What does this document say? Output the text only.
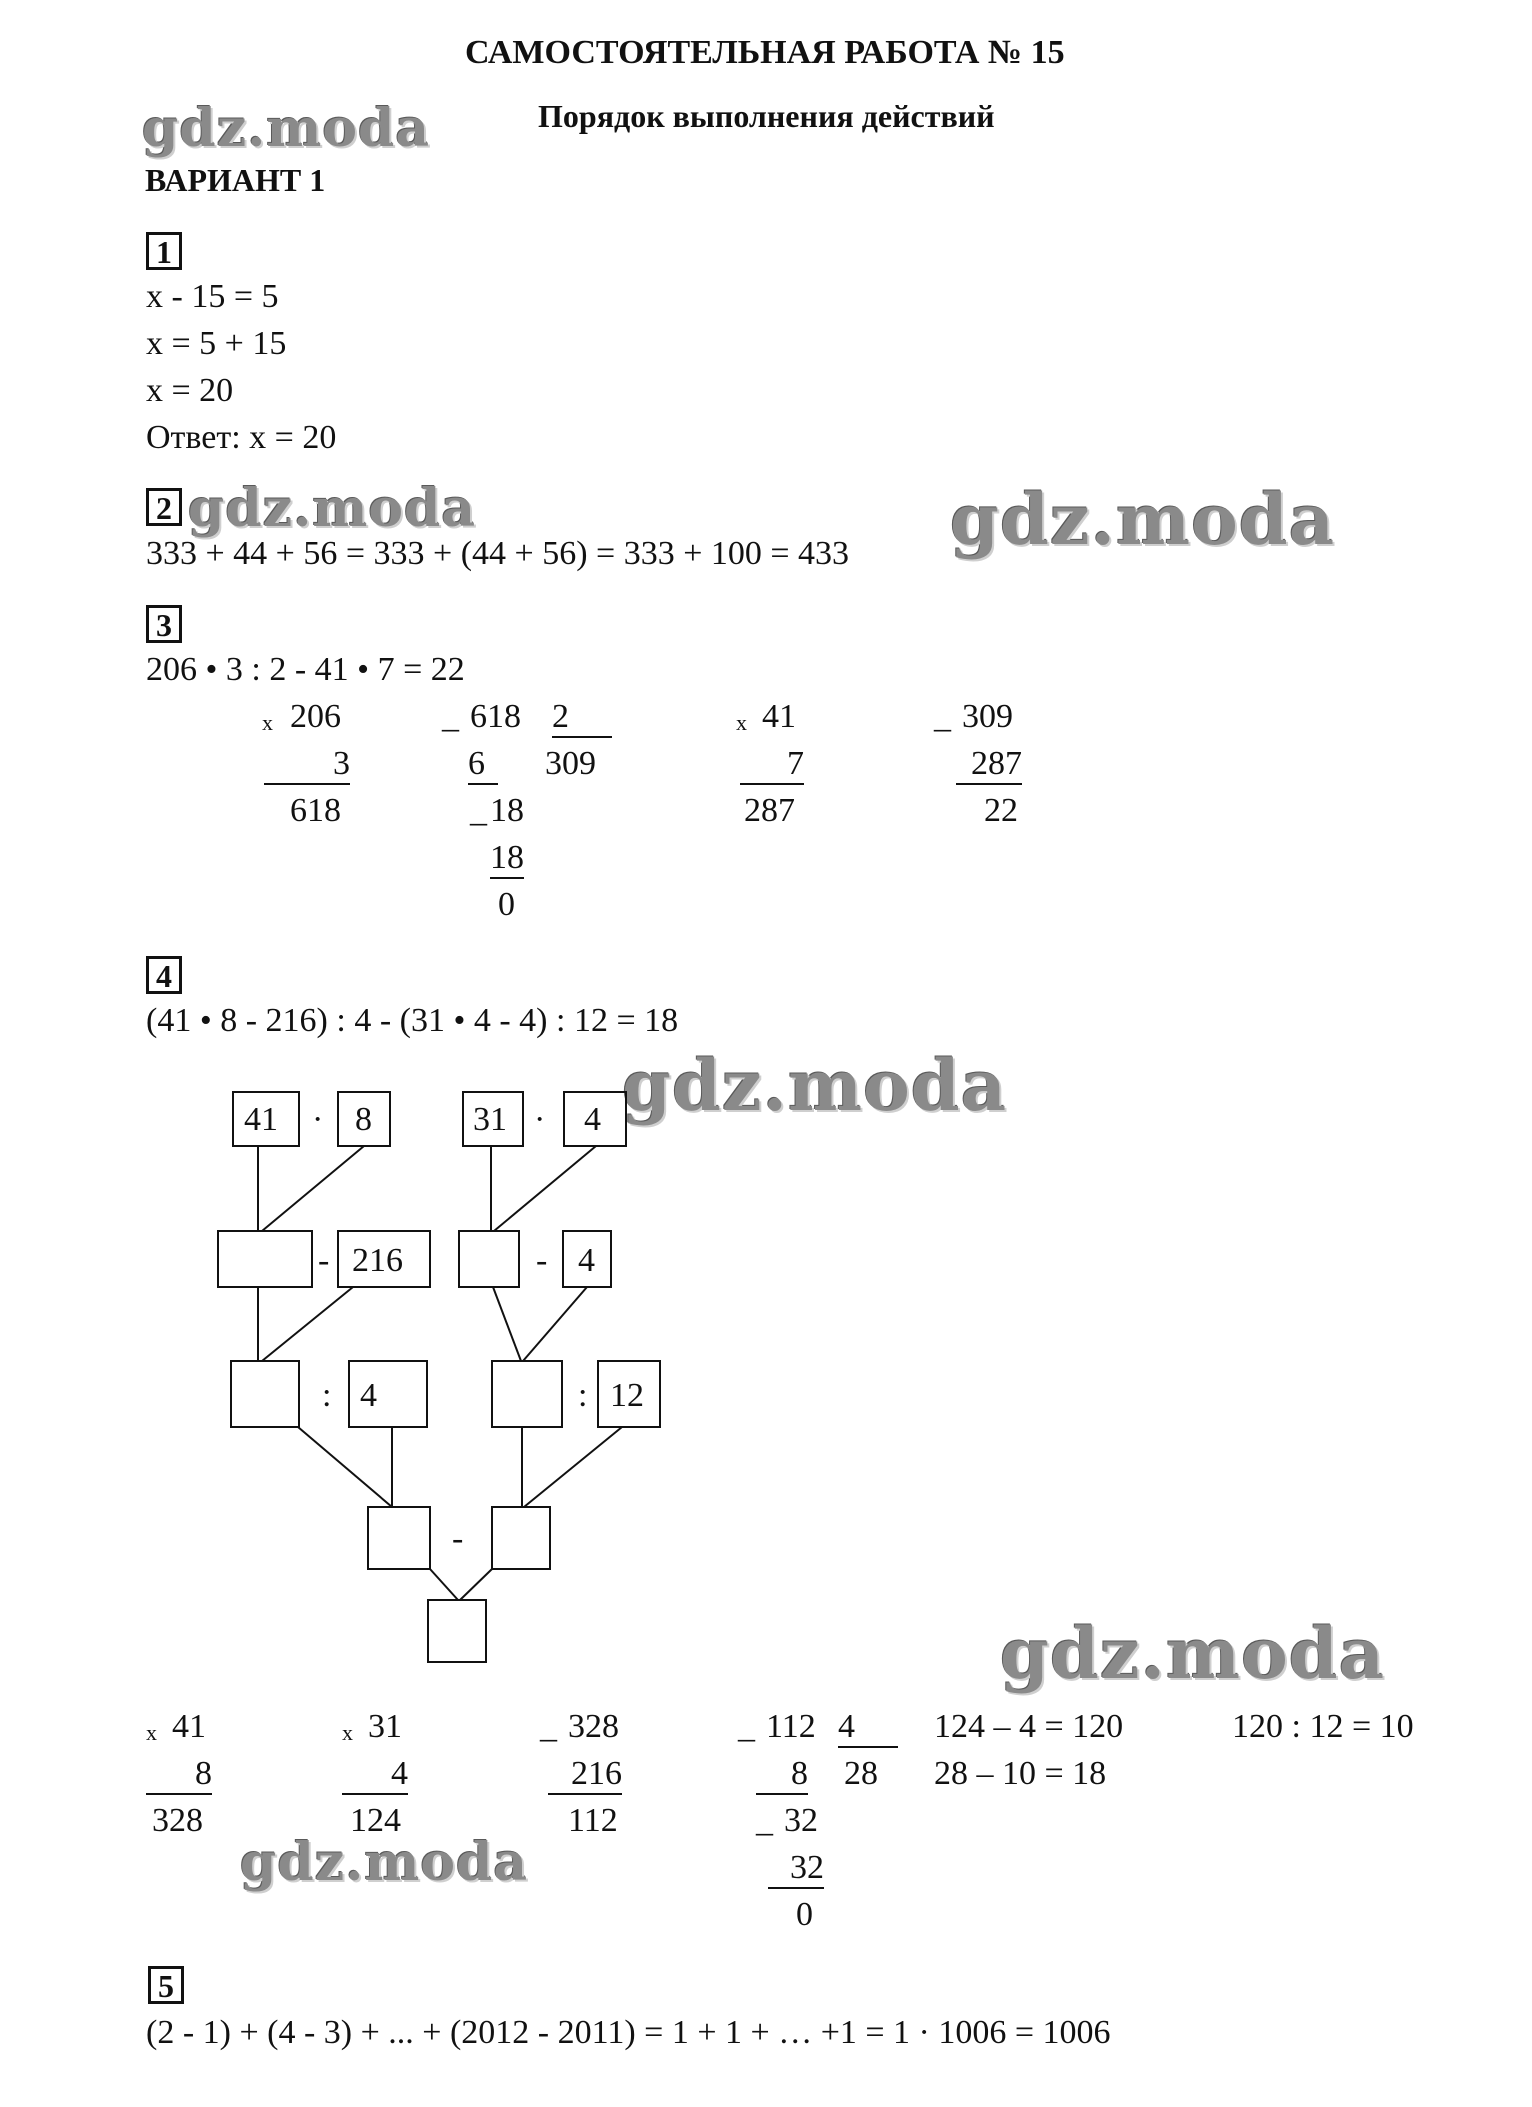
САМОСТОЯТЕЛЬНАЯ РАБОТА № 15
Порядок выполнения действий
ВАРИАНТ 1
gdz.moda
gdz.moda	gdz.moda
gdz.moda
gdz.moda
gdz.moda
1
x - 15 = 5
x = 5 + 15
x = 20
Ответ: x = 20
2
333 + 44 + 56 = 333 + (44 + 56) = 333 + 100 = 433
3
206 • 3 : 2 - 41 • 7 = 22
x 206
3
618
_ 618 2
309
6
_ 18
18
0
x 41
7
287
_ 309
287
22
4
(41 • 8 - 216) : 4 - (31 • 4 - 4) : 12 = 18
41 · 8	31 · 4
- 216	- 4
: 4	: 12
-
x 41
8
328
x 31
4
124
_ 328
216
112
_ 112 4
28
8
_ 32
32
0
124 – 4 = 120
28 – 10 = 18
120 : 12 = 10
5
(2 - 1) + (4 - 3) + ... + (2012 - 2011) = 1 + 1 + … +1 = 1 · 1006 = 1006
